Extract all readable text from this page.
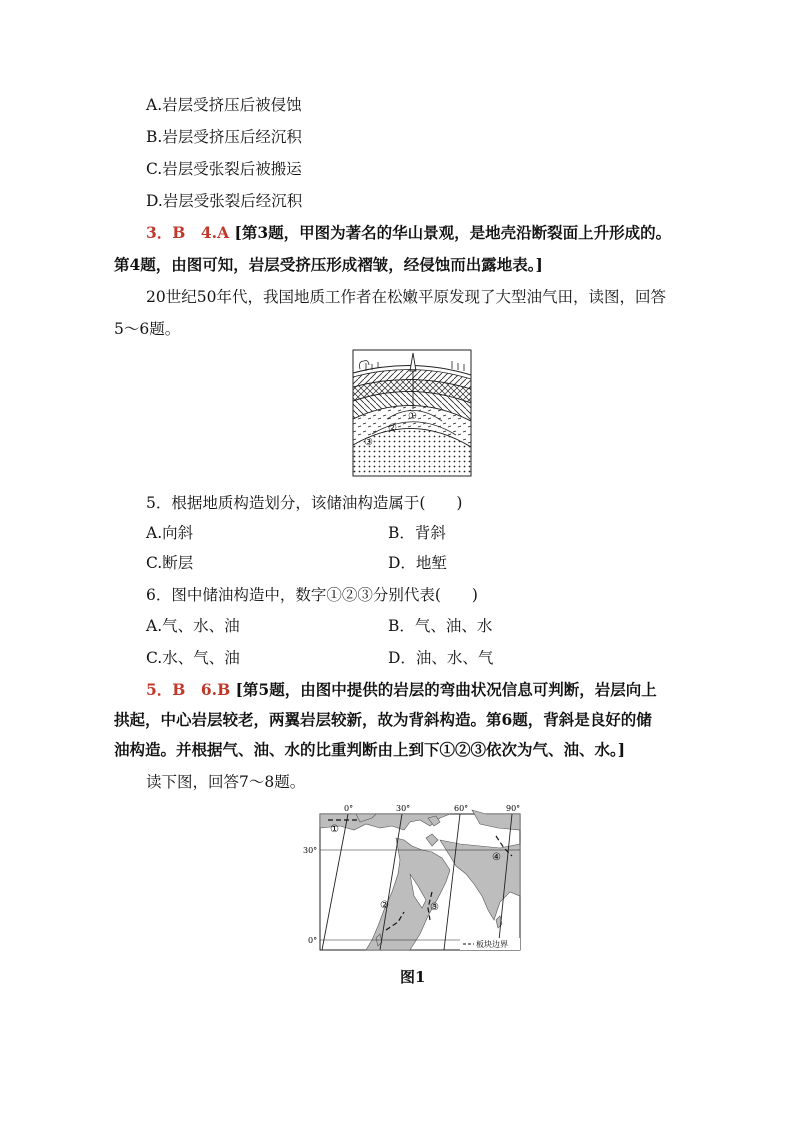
A.岩层受挤压后被侵蚀
B.岩层受挤压后经沉积
C.岩层受张裂后被搬运
D.岩层受张裂后经沉积
3．B　4.A [第3题，甲图为著名的华山景观，是地壳沿断裂面上升形成的。
第4题，由图可知，岩层受挤压形成褶皱，经侵蚀而出露地表。]
20世纪50年代，我国地质工作者在松嫩平原发现了大型油气田，读图，回答
5～6题。
①
②
③
5．根据地质构造划分，该储油构造属于(　　)
A.向斜	B．背斜
C.断层	D．地堑
6．图中储油构造中，数字①②③分别代表(　　)
A.气、水、油	B．气、油、水
C.水、气、油	D．油、水、气
5．B　6.B [第5题，由图中提供的岩层的弯曲状况信息可判断，岩层向上
拱起，中心岩层较老，两翼岩层较新，故为背斜构造。第6题，背斜是良好的储
油构造。并根据气、油、水的比重判断由上到下①②③依次为气、油、水。]
读下图，回答7～8题。
0°	30°	60°	90°
30°
0°
①
②	③
④
板块边界
图1
